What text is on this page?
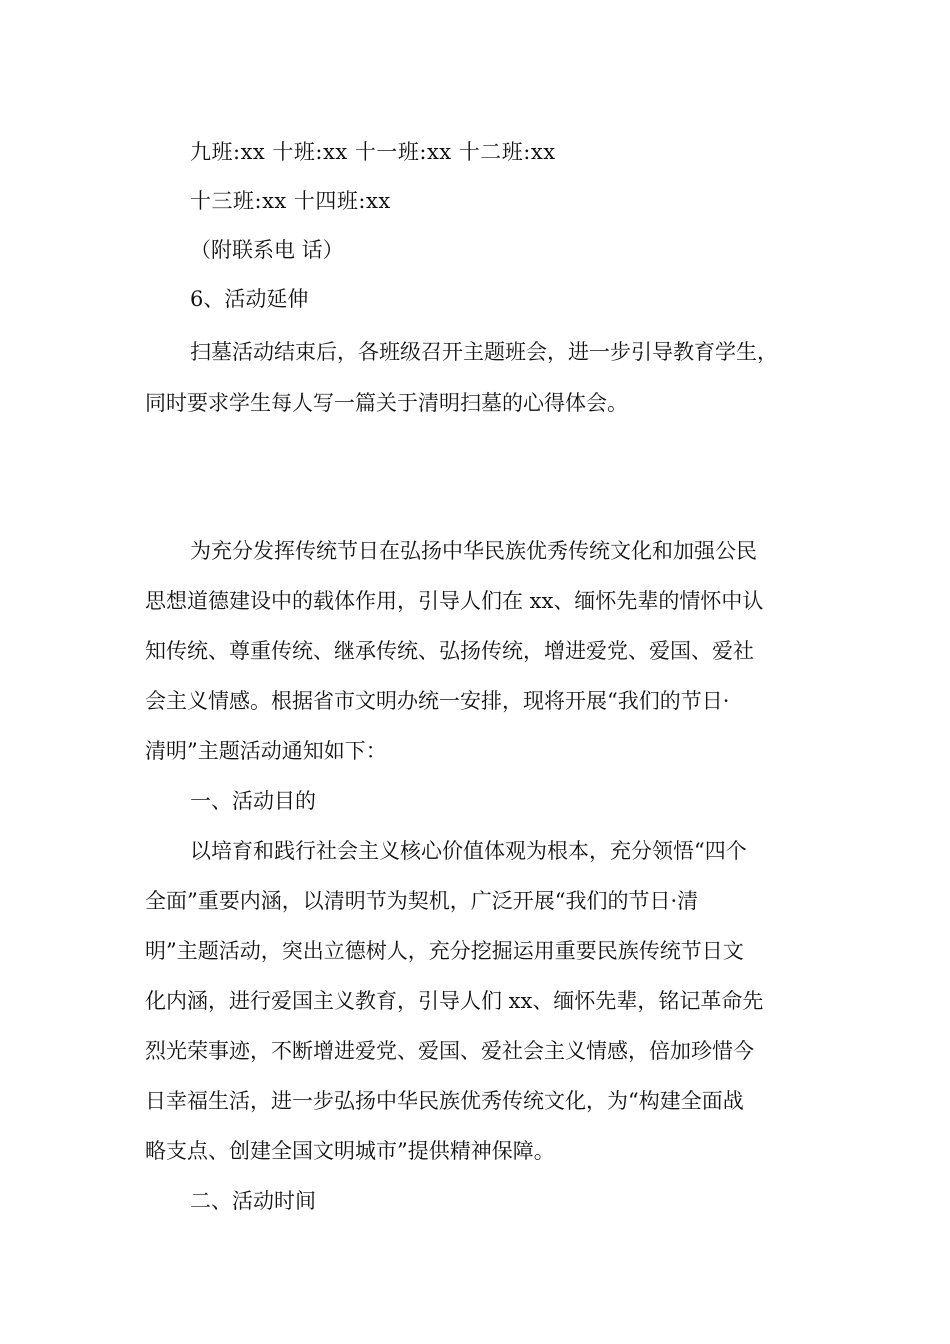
九班:xx 十班:xx 十一班:xx 十二班:xx
十三班:xx 十四班:xx
（附联系电 话）
6、活动延伸
扫墓活动结束后，各班级召开主题班会，进一步引导教育学生，
同时要求学生每人写一篇关于清明扫墓的心得体会。
为充分发挥传统节日在弘扬中华民族优秀传统文化和加强公民
思想道德建设中的载体作用，引导人们在 xx、缅怀先辈的情怀中认
知传统、尊重传统、继承传统、弘扬传统，增进爱党、爱国、爱社
会主义情感。根据省市文明办统一安排，现将开展“我们的节日·
清明”主题活动通知如下：
一、活动目的
以培育和践行社会主义核心价值体观为根本，充分领悟“四个
全面”重要内涵，以清明节为契机，广泛开展“我们的节日·清
明”主题活动，突出立德树人，充分挖掘运用重要民族传统节日文
化内涵，进行爱国主义教育，引导人们 xx、缅怀先辈，铭记革命先
烈光荣事迹，不断增进爱党、爱国、爱社会主义情感，倍加珍惜今
日幸福生活，进一步弘扬中华民族优秀传统文化，为“构建全面战
略支点、创建全国文明城市”提供精神保障。
二、活动时间
